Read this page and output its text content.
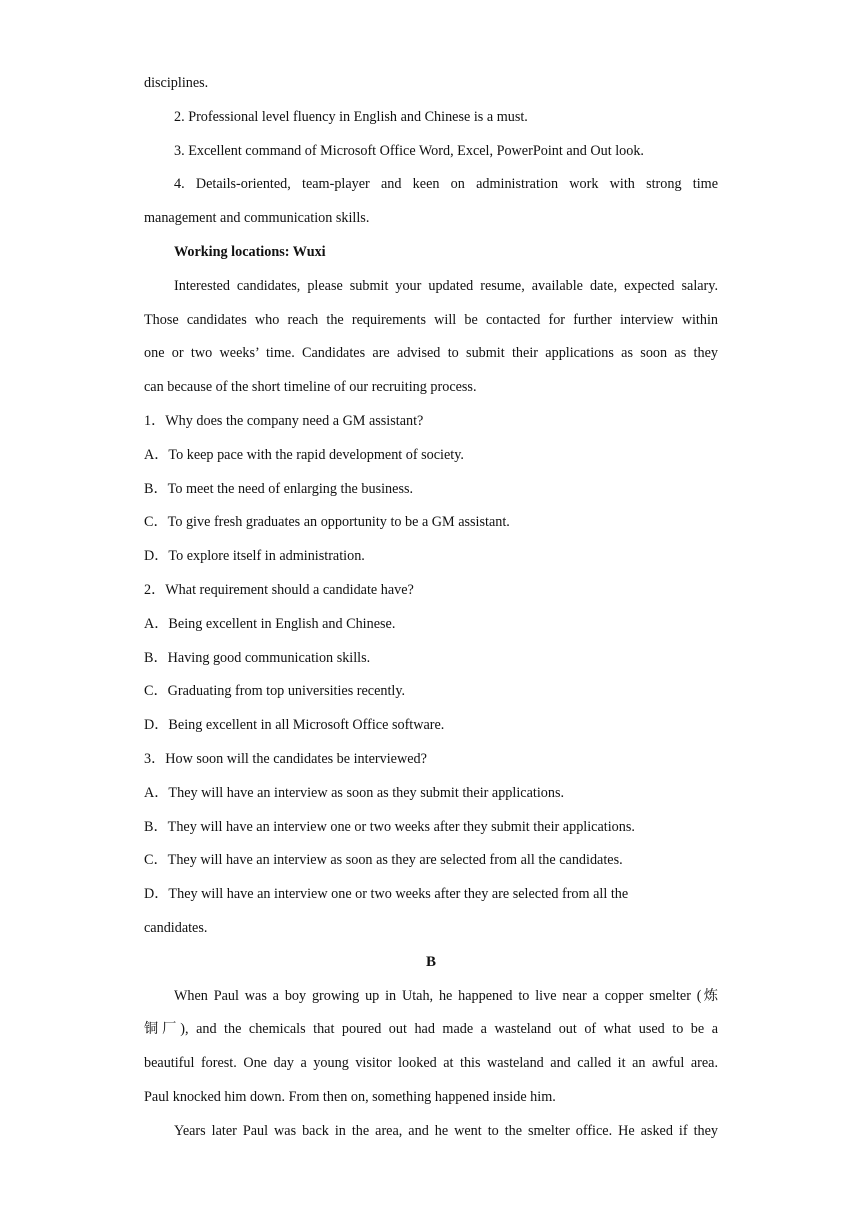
disciplines.
2. Professional level fluency in English and Chinese is a must.
3. Excellent command of Microsoft Office Word, Excel, PowerPoint and Out look.
4. Details-oriented, team-player and keen on administration work with strong time
management and communication skills.
Working locations: Wuxi
Interested candidates, please submit your updated resume, available date, expected salary.
Those candidates who reach the requirements will be contacted for further interview within
one or two weeks’ time. Candidates are advised to submit their applications as soon as they
can because of the short timeline of our recruiting process.
1．Why does the company need a GM assistant?
A．To keep pace with the rapid development of society.
B．To meet the need of enlarging the business.
C．To give fresh graduates an opportunity to be a GM assistant.
D．To explore itself in administration.
2．What requirement should a candidate have?
A．Being excellent in English and Chinese.
B．Having good communication skills.
C．Graduating from top universities recently.
D．Being excellent in all Microsoft Office software.
3．How soon will the candidates be interviewed?
A．They will have an interview as soon as they submit their applications.
B．They will have an interview one or two weeks after they submit their applications.
C．They will have an interview as soon as they are selected from all the candidates.
D．They will have an interview one or two weeks after they are selected from all the
candidates.
B
When Paul was a boy growing up in Utah, he happened to live near a copper smelter (炼
铜厂), and the chemicals that poured out had made a wasteland out of what used to be a
beautiful forest. One day a young visitor looked at this wasteland and called it an awful area.
Paul knocked him down. From then on, something happened inside him.
Years later Paul was back in the area, and he went to the smelter office. He asked if they
